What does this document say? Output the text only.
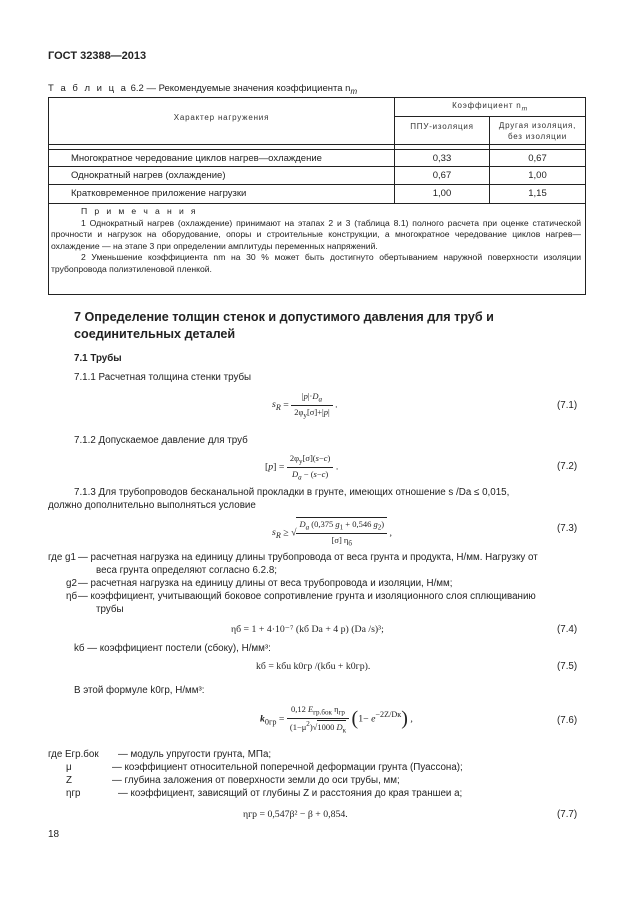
ГОСТ 32388—2013
Т а б л и ц а 6.2 — Рекомендуемые значения коэффициента $n_m$
Характер нагружения
Коэффициент $n_m$
ППУ-изоляция	Другая изоляция,
без изоляции
Многократное чередование циклов нагрев—охлаждение	0,33	0,67
Однократный нагрев (охлаждение)	0,67	1,00
Кратковременное приложение нагрузки	1,00	1,15

П р и м е ч а н и я

1 Однократный нагрев (охлаждение) принимают на этапах 2 и 3 (таблица 8.1) полного расчета при оценке статической прочности и нагрузок на оборудование, опоры и строительные конструкции, а многократное чередование циклов нагрев—охлаждение — на этапе 3 при определении амплитуды переменных напряжений.

2 Уменьшение коэффициента nm на 30 % может быть достигнуто обертыванием наружной поверхности изоляции трубопровода полиэтиленовой пленкой.

7 Определение толщин стенок и допустимого давления для труб и соединительных деталей
7.1 Трубы
7.1.1 Расчетная толщина стенки трубы
$s_R = \frac{|p|\cdot D_a}{2\varphi_y[\sigma]+|p|}$ .	(7.1)
7.1.2 Допускаемое давление для труб
$[p] = \frac{2\varphi_y[\sigma](s-c)}{D_a - (s-c)}$ .	(7.2)
7.1.3 Для трубопроводов бесканальной прокладки в грунте, имеющих отношение s /Da ≤ 0,015,
должно дополнительно выполняться условие
$s_R$ ≥ √ $\frac{D_a (0,375 g_1 + 0,546 g_2)}{[\sigma] \eta_б}$ ,	(7.3)
где g1 — расчетная нагрузка на единицу длины трубопровода от веса грунта и продукта, Н/мм. Нагрузку от
веса грунта определяют согласно 6.2.8;
g2 — расчетная нагрузка на единицу длины от веса трубопровода и изоляции, Н/мм;
ηб — коэффициент, учитывающий боковое сопротивление грунта и изоляционного слоя сплющиванию
трубы
ηб = 1 + 4·10⁻⁷ (kб Da + 4 p) (Da /s)³;	(7.4)
kб — коэффициент постели (сбоку), Н/мм³:
kб = kбu k0гр /(kбu + k0гр).	(7.5)
В этой формуле k0гр, Н/мм³:
$k_{0гр} = \frac{0,12 E_{гр.бок} \eta_{гр}}{(1-\mu^2)√1000 D_к} (1- e^{-2Z/Dк})$ ,	(7.6)
где Eгр.бок — модуль упругости грунта, МПа;
μ	— коэффициент относительной поперечной деформации грунта (Пуассона);
Z	— глубина заложения от поверхности земли до оси трубы, мм;
ηгр	— коэффициент, зависящий от глубины Z и расстояния до края траншеи a;
ηгр = 0,547β² − β + 0,854.	(7.7)
18
